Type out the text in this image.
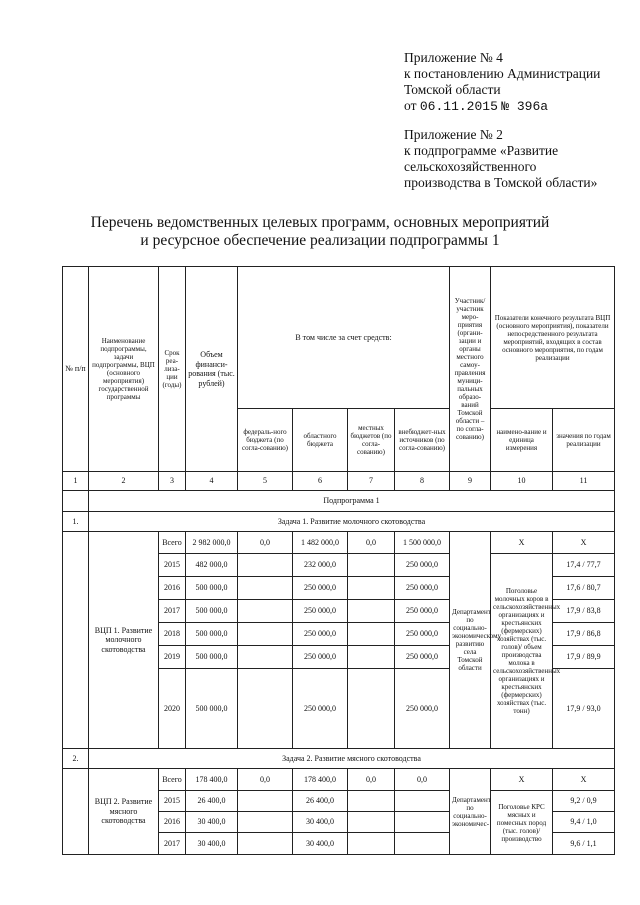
Приложение № 4
к постановлению Администрации
Томской области
от 06.11.2015 № 396а
Приложение № 2
к подпрограмме «Развитие
сельскохозяйственного
производства в Томской области»
Перечень ведомственных целевых программ, основных мероприятий
и ресурсное обеспечение реализации подпрограммы 1
№ п/п	Наименование подпрограммы, задачи подпрограммы, ВЦП (основного мероприятия) государственной программы	Срок реа-лиза-ции (годы)	Объем финанси-рования (тыс. рублей)	В том числе за счет средств:				Участник/ участник меро-приятия (органи-зации и органы местного самоу-правления муници-пальных образо-ваний Томской области – по согла-сованию)	Показатели конечного результата ВЦП (основного мероприятия), показатели непосредственного результата мероприятий, входящих в состав основного мероприятия, по годам реализации	
				федераль-ного бюджета (по согла-сованию)	областного бюджета	местных бюджетов (по согла-сованию)	внебюджет-ных источников (по согла-сованию)		наимено-вание и единица измерения	значения по годам реализации
1	2	3	4	5	6	7	8	9	10	11
	Подпрограмма 1									
1.	Задача 1. Развитие молочного скотоводства									
	ВЦП 1. Развитие молочного скотоводства	Всего	2 982 000,0	0,0	1 482 000,0	0,0	1 500 000,0	Департамент по социально-экономическому развитию села Томской области	X	X
		2015	482 000,0		232 000,0		250 000,0		Поголовье молочных коров в сельскохозяйственных организациях и крестьянских (фермерских) хозяйствах (тыс. голов)/ объем производства молока в сельскохозяйственных организациях и крестьянских (фермерских) хозяйствах (тыс. тонн)	17,4 / 77,7
		2016	500 000,0		250 000,0		250 000,0			17,6 / 80,7
		2017	500 000,0		250 000,0		250 000,0			17,9 / 83,8
		2018	500 000,0		250 000,0		250 000,0			17,9 / 86,8
		2019	500 000,0		250 000,0		250 000,0			17,9 / 89,9
		2020	500 000,0		250 000,0		250 000,0			17,9 / 93,0
2.	Задача 2. Развитие мясного скотоводства									
	ВЦП 2. Развитие мясного скотоводства	Всего	178 400,0	0,0	178 400,0	0,0	0,0	Департамент по социально-экономичес-	X	X
		2015	26 400,0		26 400,0				Поголовье КРС мясных и помесных пород (тыс. голов)/ производство	9,2 / 0,9
		2016	30 400,0		30 400,0					9,4 / 1,0
		2017	30 400,0		30 400,0					9,6 / 1,1
